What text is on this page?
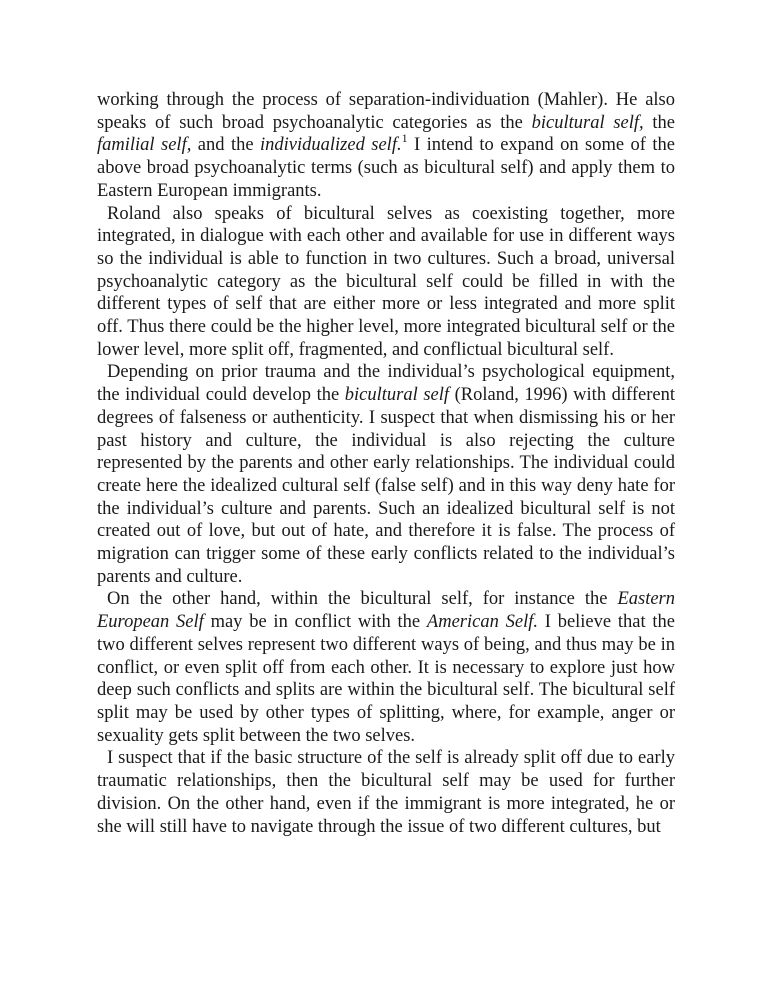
working through the process of separation-individuation (Mahler). He also speaks of such broad psychoanalytic categories as the bicultural self, the familial self, and the individualized self.$^1$ I intend to expand on some of the above broad psychoanalytic terms (such as bicultural self) and apply them to Eastern European immigrants.

Roland also speaks of bicultural selves as coexisting together, more integrated, in dialogue with each other and available for use in different ways so the individual is able to function in two cultures. Such a broad, universal psychoanalytic category as the bicultural self could be filled in with the different types of self that are either more or less integrated and more split off. Thus there could be the higher level, more integrated bicultural self or the lower level, more split off, fragmented, and conflictual bicultural self.

Depending on prior trauma and the individual’s psychological equipment, the individual could develop the bicultural self (Roland, 1996) with different degrees of falseness or authenticity. I suspect that when dismissing his or her past history and culture, the individual is also rejecting the culture represented by the parents and other early relationships. The individual could create here the idealized cultural self (false self) and in this way deny hate for the individual’s culture and parents. Such an idealized bicultural self is not created out of love, but out of hate, and therefore it is false. The process of migration can trigger some of these early conflicts related to the individual’s parents and culture.

On the other hand, within the bicultural self, for instance the Eastern European Self may be in conflict with the American Self. I believe that the two different selves represent two different ways of being, and thus may be in conflict, or even split off from each other. It is necessary to explore just how deep such conflicts and splits are within the bicultural self. The bicultural self split may be used by other types of splitting, where, for example, anger or sexuality gets split between the two selves.

I suspect that if the basic structure of the self is already split off due to early traumatic relationships, then the bicultural self may be used for further division. On the other hand, even if the immigrant is more integrated, he or she will still have to navigate through the issue of two different cultures, but
